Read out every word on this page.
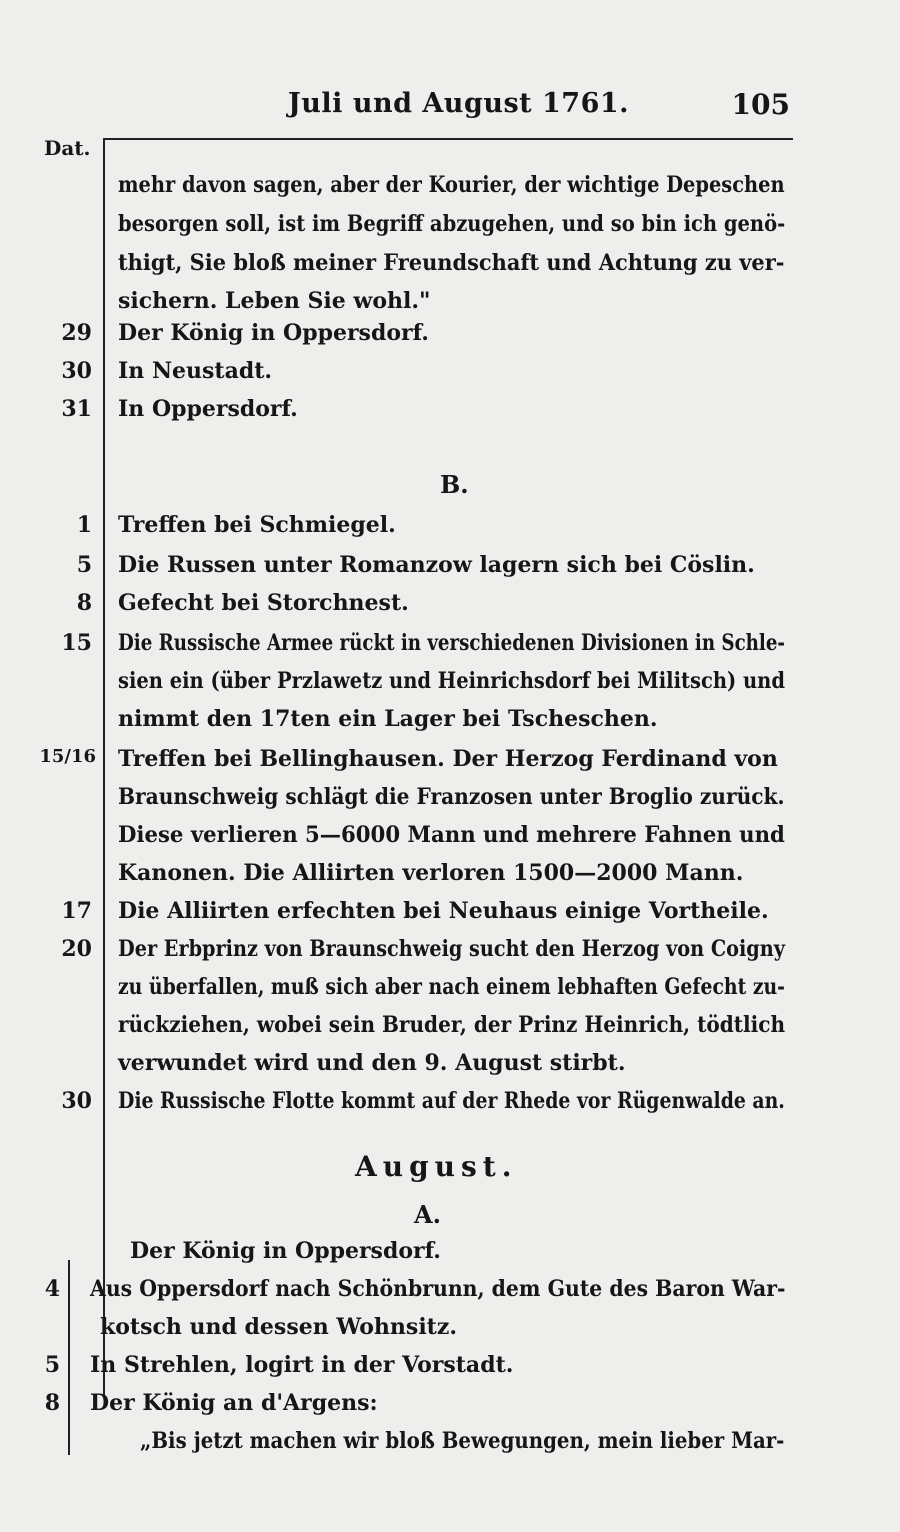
Juli und August 1761.	105
Dat.
mehr davon sagen, aber der Kourier, der wichtige Depeschen
besorgen soll, ist im Begriff abzugehen, und so bin ich genö-
thigt, Sie bloß meiner Freundschaft und Achtung zu ver-
sichern. Leben Sie wohl."
Der König in Oppersdorf.
In Neustadt.
In Oppersdorf.
B.
Treffen bei Schmiegel.
Die Russen unter Romanzow lagern sich bei Cöslin.
Gefecht bei Storchnest.
Die Russische Armee rückt in verschiedenen Divisionen in Schle-
sien ein (über Przlawetz und Heinrichsdorf bei Militsch) und
nimmt den 17ten ein Lager bei Tscheschen.
Treffen bei Bellinghausen. Der Herzog Ferdinand von
Braunschweig schlägt die Franzosen unter Broglio zurück.
Diese verlieren 5—6000 Mann und mehrere Fahnen und
Kanonen. Die Alliirten verloren 1500—2000 Mann.
Die Alliirten erfechten bei Neuhaus einige Vortheile.
Der Erbprinz von Braunschweig sucht den Herzog von Coigny
zu überfallen, muß sich aber nach einem lebhaften Gefecht zu-
rückziehen, wobei sein Bruder, der Prinz Heinrich, tödtlich
verwundet wird und den 9. August stirbt.
Die Russische Flotte kommt auf der Rhede vor Rügenwalde an.
August.
A.
Der König in Oppersdorf.
Aus Oppersdorf nach Schönbrunn, dem Gute des Baron War-
kotsch und dessen Wohnsitz.
In Strehlen, logirt in der Vorstadt.
Der König an d'Argens:
„Bis jetzt machen wir bloß Bewegungen, mein lieber Mar-
29
30
31
1
5
8
15
15/16
17
20
30
4
5
8
